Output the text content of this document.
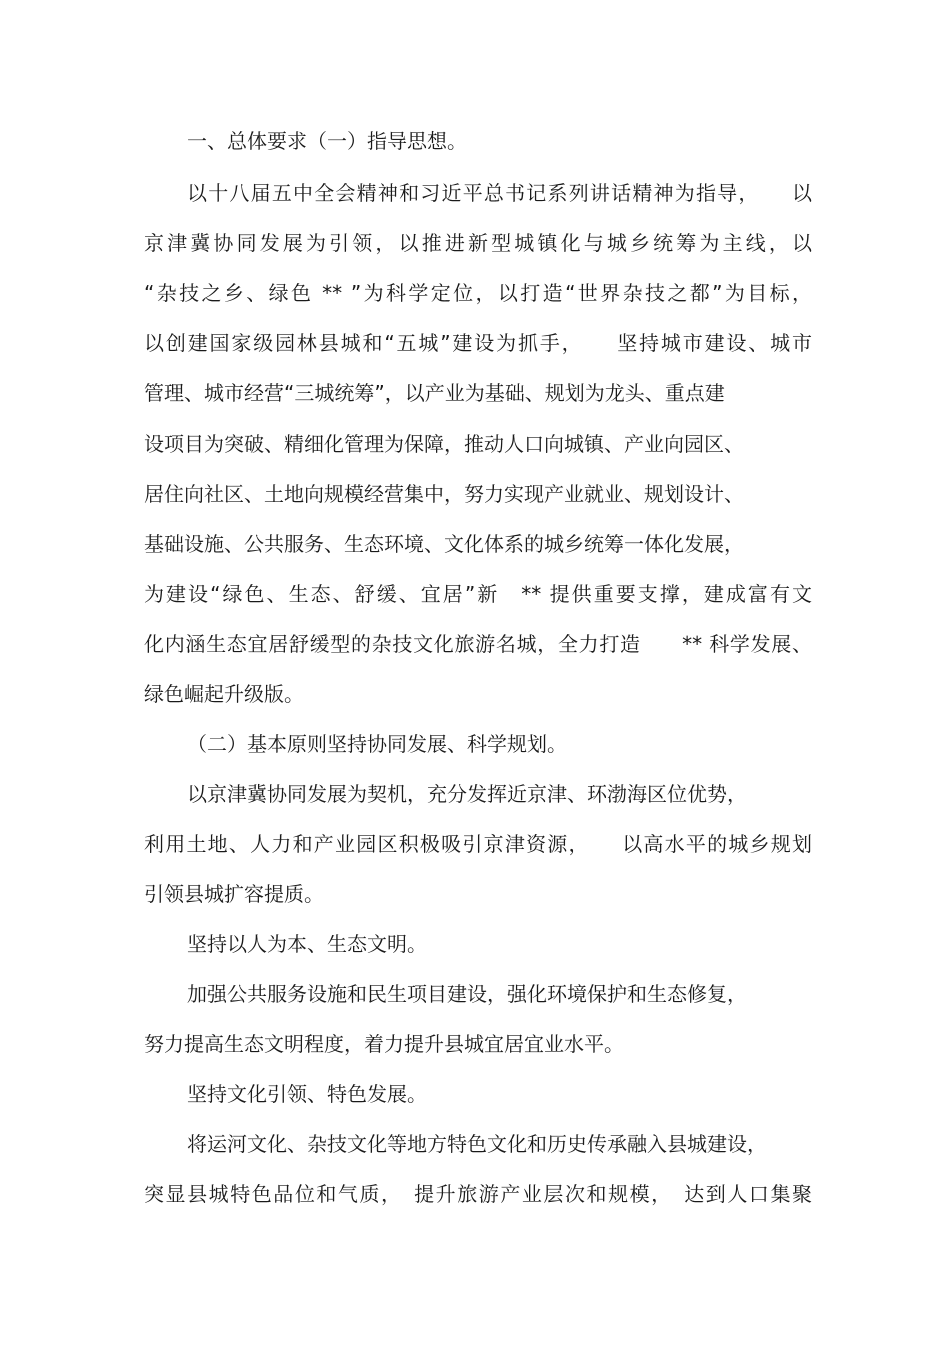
一、总体要求（一）指导思想。
以十八届五中全会精神和习近平总书记系列讲话精神为指导，　　以
京津冀协同发展为引领，以推进新型城镇化与城乡统筹为主线，以
“杂技之乡、绿色 ** ”为科学定位，以打造“世界杂技之都”为目标，
以创建国家级园林县城和“五城”建设为抓手，　　坚持城市建设、城市
管理、城市经营“三城统筹”，以产业为基础、规划为龙头、重点建
设项目为突破、精细化管理为保障，推动人口向城镇、产业向园区、
居住向社区、土地向规模经营集中，努力实现产业就业、规划设计、
基础设施、公共服务、生态环境、文化体系的城乡统筹一体化发展，
为建设“绿色、生态、舒缓、宜居”新　** 提供重要支撑，建成富有文
化内涵生态宜居舒缓型的杂技文化旅游名城，全力打造　　** 科学发展、
绿色崛起升级版。
（二）基本原则坚持协同发展、科学规划。
以京津冀协同发展为契机，充分发挥近京津、环渤海区位优势，
利用土地、人力和产业园区积极吸引京津资源，　　以高水平的城乡规划
引领县城扩容提质。
坚持以人为本、生态文明。
加强公共服务设施和民生项目建设，强化环境保护和生态修复，
努力提高生态文明程度，着力提升县城宜居宜业水平。
坚持文化引领、特色发展。
将运河文化、杂技文化等地方特色文化和历史传承融入县城建设，
突显县城特色品位和气质，　提升旅游产业层次和规模，　达到人口集聚
